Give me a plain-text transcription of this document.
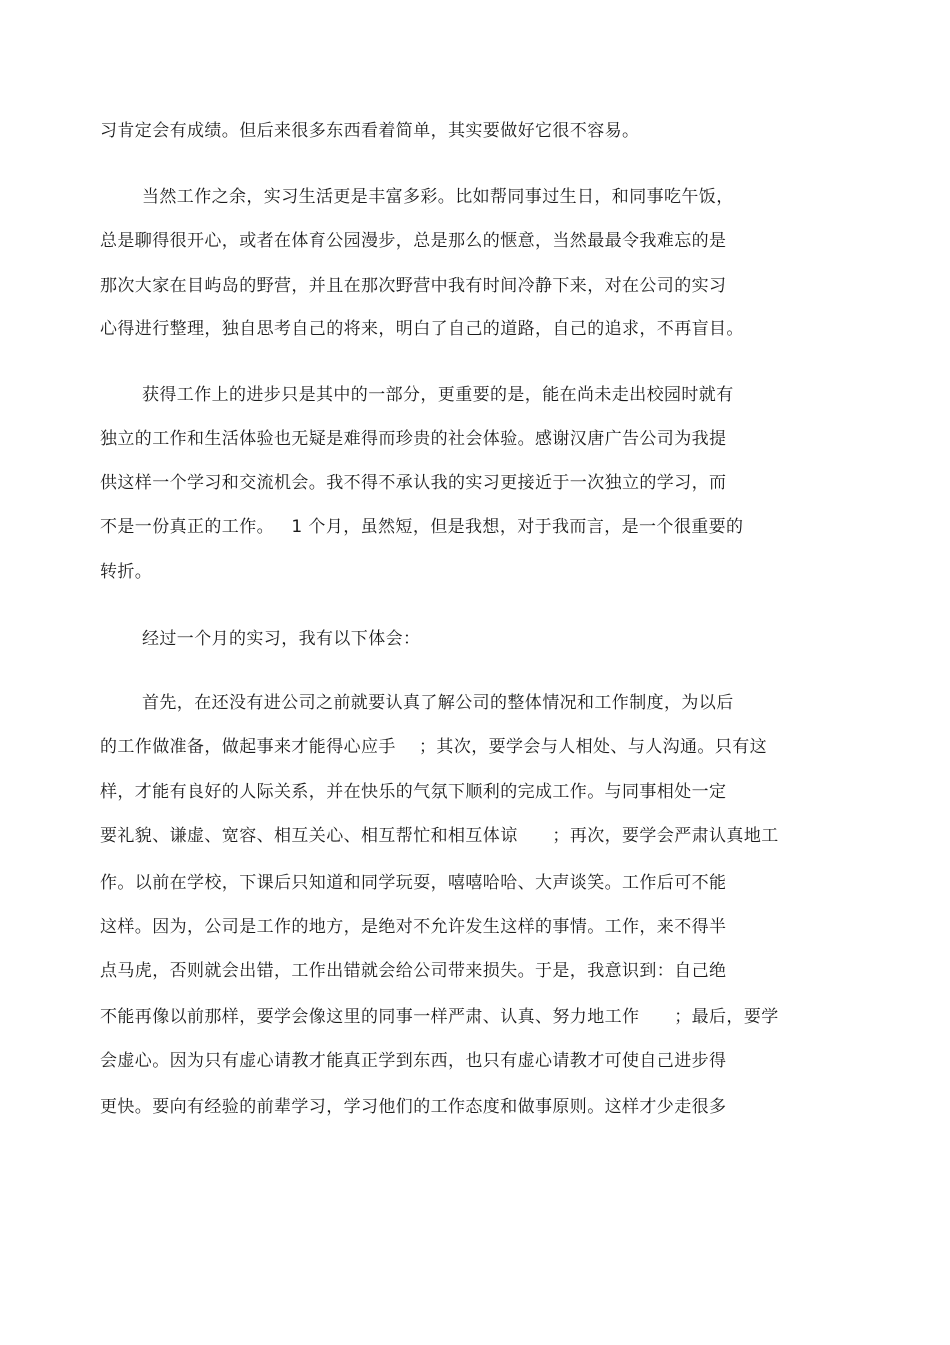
习肯定会有成绩。但后来很多东西看着简单，其实要做好它很不容易。
当然工作之余，实习生活更是丰富多彩。比如帮同事过生日，和同事吃午饭，
总是聊得很开心，或者在体育公园漫步，总是那么的惬意，当然最最令我难忘的是
那次大家在目屿岛的野营，并且在那次野营中我有时间冷静下来，对在公司的实习
心得进行整理，独自思考自己的将来，明白了自己的道路，自己的追求，不再盲目。
获得工作上的进步只是其中的一部分，更重要的是，能在尚未走出校园时就有
独立的工作和生活体验也无疑是难得而珍贵的社会体验。感谢汉唐广告公司为我提
供这样一个学习和交流机会。我不得不承认我的实习更接近于一次独立的学习，而
不是一份真正的工作。   1 个月，虽然短，但是我想，对于我而言，是一个很重要的
转折。
经过一个月的实习，我有以下体会：
首先，在还没有进公司之前就要认真了解公司的整体情况和工作制度，为以后
的工作做准备，做起事来才能得心应手    ；其次，要学会与人相处、与人沟通。只有这
样，才能有良好的人际关系，并在快乐的气氛下顺利的完成工作。与同事相处一定
要礼貌、谦虚、宽容、相互关心、相互帮忙和相互体谅      ；再次，要学会严肃认真地工
作。以前在学校，下课后只知道和同学玩耍，嘻嘻哈哈、大声谈笑。工作后可不能
这样。因为，公司是工作的地方，是绝对不允许发生这样的事情。工作，来不得半
点马虎，否则就会出错，工作出错就会给公司带来损失。于是，我意识到：自己绝
不能再像以前那样，要学会像这里的同事一样严肃、认真、努力地工作      ；最后，要学
会虚心。因为只有虚心请教才能真正学到东西，也只有虚心请教才可使自己进步得
更快。要向有经验的前辈学习，学习他们的工作态度和做事原则。这样才少走很多
